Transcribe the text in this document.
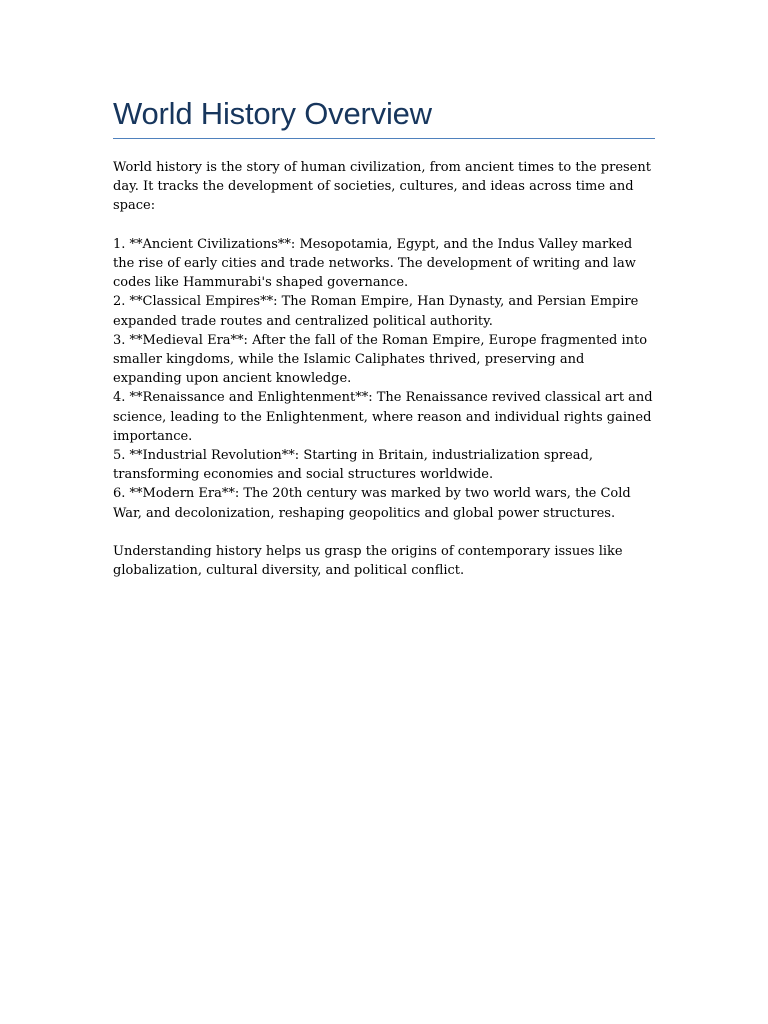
World History Overview

World history is the story of human civilization, from ancient times to the present day. It tracks the development of societies, cultures, and ideas across time and space:

1. **Ancient Civilizations**: Mesopotamia, Egypt, and the Indus Valley marked the rise of early cities and trade networks. The development of writing and law codes like Hammurabi's shaped governance.

2. **Classical Empires**: The Roman Empire, Han Dynasty, and Persian Empire expanded trade routes and centralized political authority.

3. **Medieval Era**: After the fall of the Roman Empire, Europe fragmented into smaller kingdoms, while the Islamic Caliphates thrived, preserving and expanding upon ancient knowledge.

4. **Renaissance and Enlightenment**: The Renaissance revived classical art and science, leading to the Enlightenment, where reason and individual rights gained importance.

5. **Industrial Revolution**: Starting in Britain, industrialization spread, transforming economies and social structures worldwide.

6. **Modern Era**: The 20th century was marked by two world wars, the Cold War, and decolonization, reshaping geopolitics and global power structures.

Understanding history helps us grasp the origins of contemporary issues like globalization, cultural diversity, and political conflict.
